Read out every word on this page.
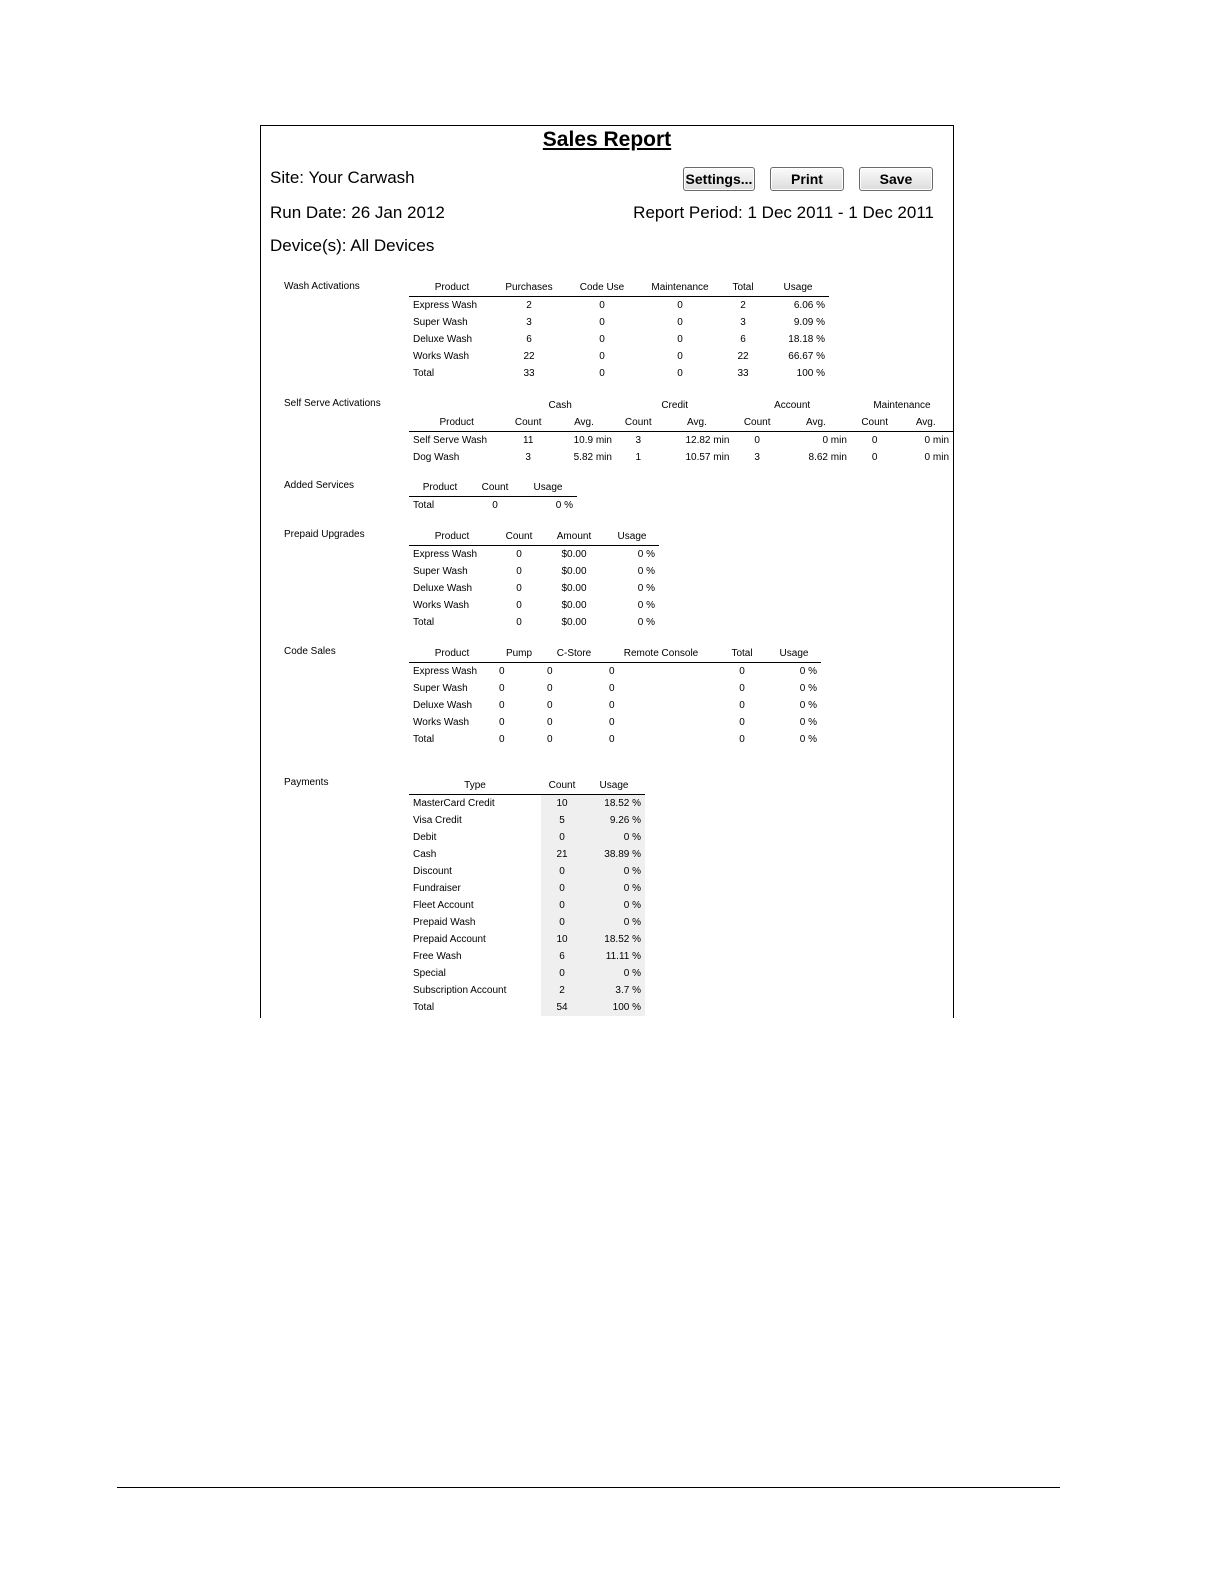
Sales Report
Site: Your Carwash	Settings...	Print	Save
Run Date: 26 Jan 2012	Report Period: 1 Dec 2011 - 1 Dec 2011
Device(s): All Devices
Wash Activations	Product	Purchases	Code Use	Maintenance	Total	Usage
Express Wash	2	0	0	2	6.06 %
Super Wash	3	0	0	3	9.09 %
Deluxe Wash	6	0	0	6	18.18 %
Works Wash	22	0	0	22	66.67 %
Total	33	0	0	33	100 %
Self Serve Activations
		Cash		Credit		Account		Maintenance	
Product	Count	Avg.	Count	Avg.	Count	Avg.	Count	Avg.
Self Serve Wash	11	10.9 min	3	12.82 min	0	0 min	0	0 min
Dog Wash	3	5.82 min	1	10.57 min	3	8.62 min	0	0 min
Added Services	Product	Count	Usage
Total	0	0 %
Prepaid Upgrades	Product	Count	Amount	Usage
Express Wash	0	$0.00	0 %
Super Wash	0	$0.00	0 %
Deluxe Wash	0	$0.00	0 %
Works Wash	0	$0.00	0 %
Total	0	$0.00	0 %
Code Sales	Product	Pump	C-Store	Remote Console	Total	Usage
Express Wash	0	0	0	0	0 %
Super Wash	0	0	0	0	0 %
Deluxe Wash	0	0	0	0	0 %
Works Wash	0	0	0	0	0 %
Total	0	0	0	0	0 %
Payments	Type	Count	Usage
MasterCard Credit	10	18.52 %
Visa Credit	5	9.26 %
Debit	0	0 %
Cash	21	38.89 %
Discount	0	0 %
Fundraiser	0	0 %
Fleet Account	0	0 %
Prepaid Wash	0	0 %
Prepaid Account	10	18.52 %
Free Wash	6	11.11 %
Special	0	0 %
Subscription Account	2	3.7 %
Total	54	100 %
